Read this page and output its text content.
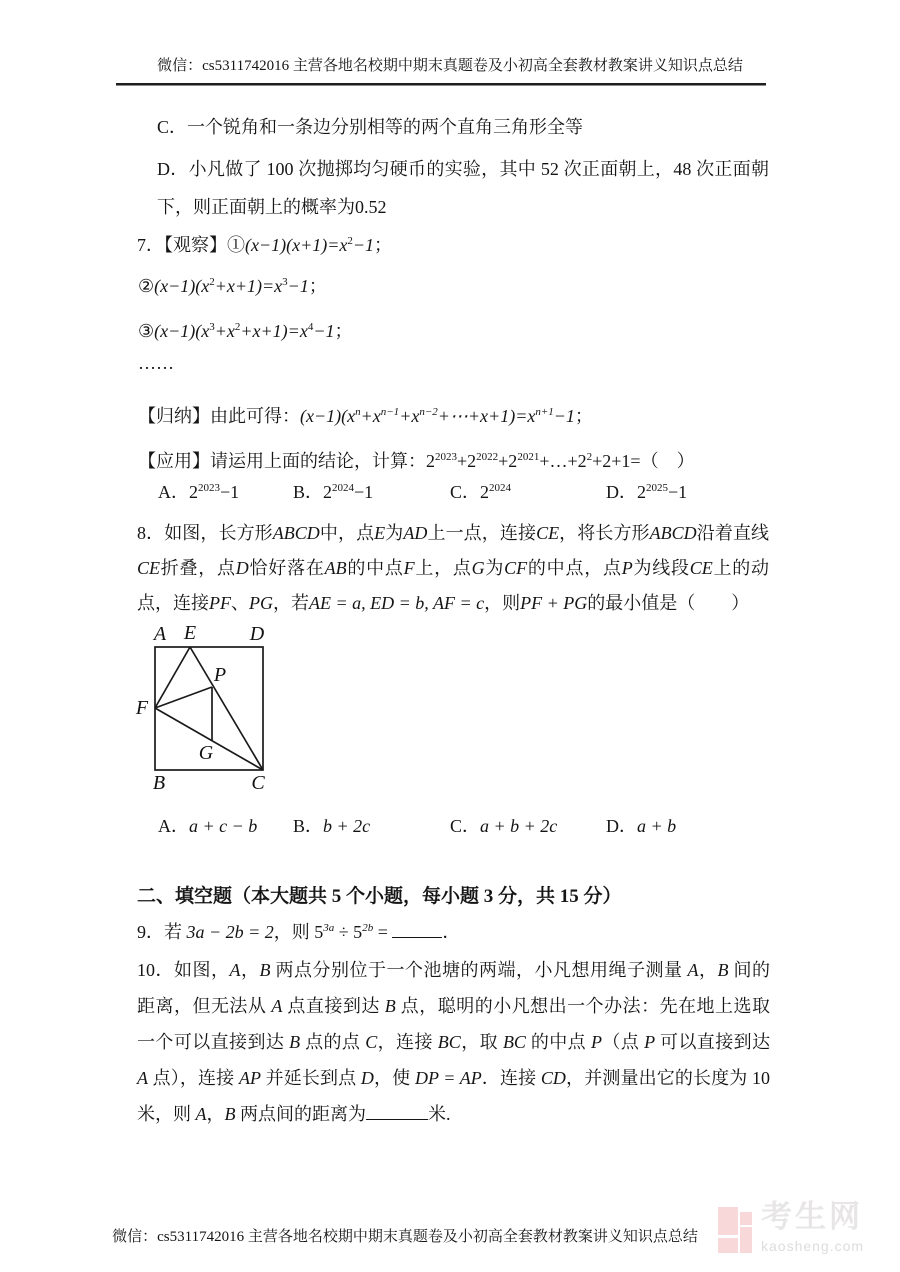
微信：cs5311742016 主营各地名校期中期末真题卷及小初高全套教材教案讲义知识点总结
C．一个锐角和一条边分别相等的两个直角三角形全等
D．小凡做了 100 次抛掷均匀硬币的实验，其中 52 次正面朝上，48 次正面朝下，则正面朝上的概率为0.52
7．【观察】$①(x-1)(x+1)=x^2-1$；
$②(x-1)(x^2+x+1)=x^3-1$；
$③(x-1)(x^3+x^2+x+1)=x^4-1$；
……
【归纳】由此可得：$(x-1)(x^n+x^{n-1}+x^{n-2}+\cdots+x+1)=x^{n+1}-1$；
【应用】请运用上面的结论，计算：$2^{2023}+2^{2022}+2^{2021}+\dots+2^2+2+1=$（　）
A．$2^{2023}-1$	B．$2^{2024}-1$	C．$2^{2024}$	D．$2^{2025}-1$
8．如图，长方形ABCD中，点E为AD上一点，连接CE，将长方形ABCD沿着直线CE折叠，点D恰好落在AB的中点F上，点G为CF的中点，点P为线段CE上的动点，连接PF、PG，若AE = a, ED = b, AF = c，则PF + PG的最小值是（　　）
A E	D
F
B	C
P
G
A．a + c − b B．b + 2c	C．a + b + 2c	D．a + b
二、填空题（本大题共 5 个小题，每小题 3 分，共 15 分）
9．若 3a − 2b = 2，则 $5^{3a} \div 5^{2b}$ =	．
10．如图，A，B 两点分别位于一个池塘的两端，小凡想用绳子测量 A，B 间的距离，但无法从 A 点直接到达 B 点，聪明的小凡想出一个办法：先在地上选取一个可以直接到达 B 点的点 C，连接 BC，取 BC 的中点 P（点 P 可以直接到达 A 点），连接 AP 并延长到点 D，使 DP = AP．连接 CD，并测量出它的长度为 10 米，则 A，B 两点间的距离为	米.
微信：cs5311742016 主营各地名校期中期末真题卷及小初高全套教材教案讲义知识点总结
考生网
kaosheng.com
